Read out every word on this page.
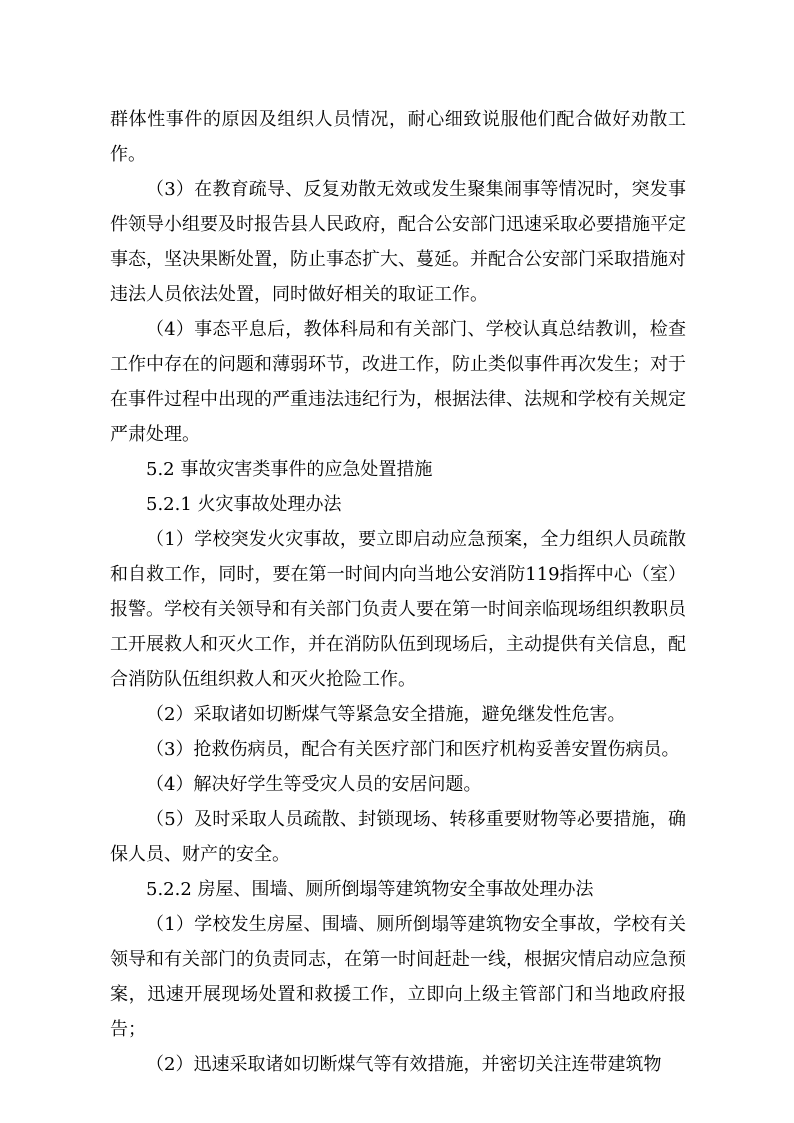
群体性事件的原因及组织人员情况，耐心细致说服他们配合做好劝散工作。

（3）在教育疏导、反复劝散无效或发生聚集闹事等情况时，突发事件领导小组要及时报告县人民政府，配合公安部门迅速采取必要措施平定事态，坚决果断处置，防止事态扩大、蔓延。并配合公安部门采取措施对违法人员依法处置，同时做好相关的取证工作。

（4）事态平息后，教体科局和有关部门、学校认真总结教训，检查工作中存在的问题和薄弱环节，改进工作，防止类似事件再次发生；对于在事件过程中出现的严重违法违纪行为，根据法律、法规和学校有关规定严肃处理。

5.2 事故灾害类事件的应急处置措施

5.2.1 火灾事故处理办法

（1）学校突发火灾事故，要立即启动应急预案，全力组织人员疏散和自救工作，同时，要在第一时间内向当地公安消防119指挥中心（室）报警。学校有关领导和有关部门负责人要在第一时间亲临现场组织教职员工开展救人和灭火工作，并在消防队伍到现场后，主动提供有关信息，配合消防队伍组织救人和灭火抢险工作。

（2）采取诸如切断煤气等紧急安全措施，避免继发性危害。

（3）抢救伤病员，配合有关医疗部门和医疗机构妥善安置伤病员。

（4）解决好学生等受灾人员的安居问题。

（5）及时采取人员疏散、封锁现场、转移重要财物等必要措施，确保人员、财产的安全。

5.2.2 房屋、围墙、厕所倒塌等建筑物安全事故处理办法

（1）学校发生房屋、围墙、厕所倒塌等建筑物安全事故，学校有关领导和有关部门的负责同志，在第一时间赶赴一线，根据灾情启动应急预案，迅速开展现场处置和救援工作，立即向上级主管部门和当地政府报告；

（2）迅速采取诸如切断煤气等有效措施，并密切关注连带建筑物
